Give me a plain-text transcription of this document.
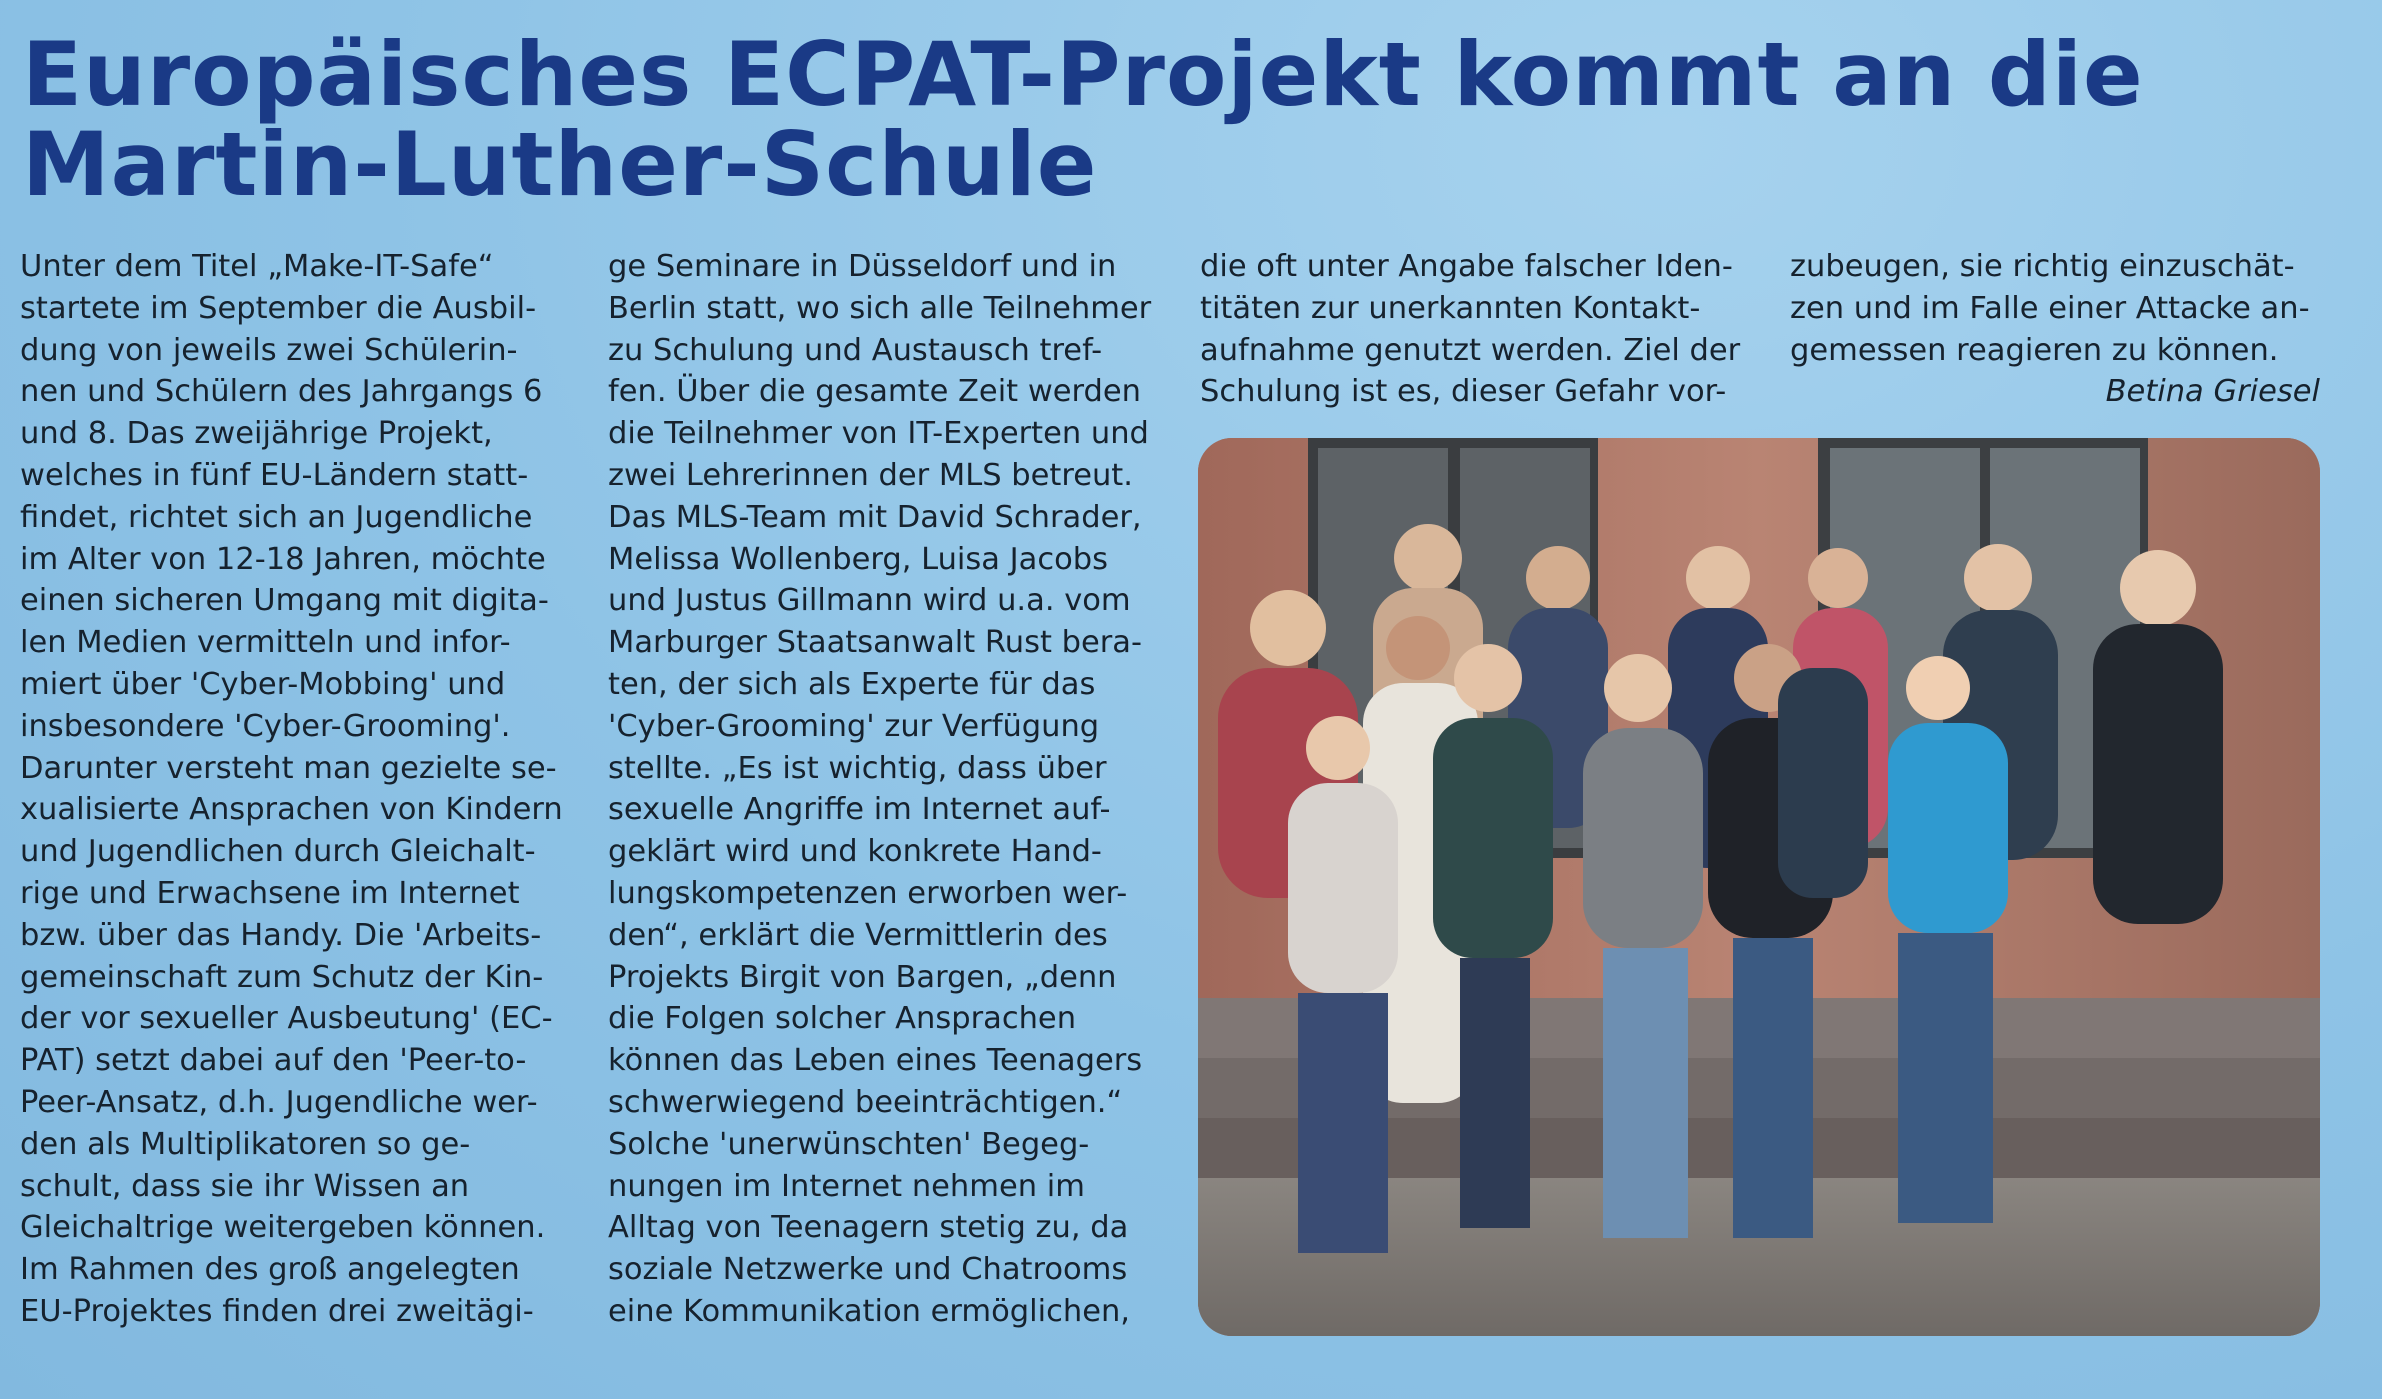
Europäisches ECPAT-Projekt kommt an die
Martin-Luther-Schule
Unter dem Titel „Make-IT-Safe“
startete im September die Ausbil-
dung von jeweils zwei Schülerin-
nen und Schülern des Jahrgangs 6
und 8. Das zweijährige Projekt,
welches in fünf EU-Ländern statt-
findet, richtet sich an Jugendliche
im Alter von 12-18 Jahren, möchte
einen sicheren Umgang mit digita-
len Medien vermitteln und infor-
miert über 'Cyber-Mobbing' und
insbesondere 'Cyber-Grooming'.
Darunter versteht man gezielte se-
xualisierte Ansprachen von Kindern
und Jugendlichen durch Gleichalt-
rige und Erwachsene im Internet
bzw. über das Handy. Die 'Arbeits-
gemeinschaft zum Schutz der Kin-
der vor sexueller Ausbeutung' (EC-
PAT) setzt dabei auf den 'Peer-to-
Peer-Ansatz, d.h. Jugendliche wer-
den als Multiplikatoren so ge-
schult, dass sie ihr Wissen an
Gleichaltrige weitergeben können.
Im Rahmen des groß angelegten
EU-Projektes finden drei zweitägi-
ge Seminare in Düsseldorf und in
Berlin statt, wo sich alle Teilnehmer
zu Schulung und Austausch tref-
fen. Über die gesamte Zeit werden
die Teilnehmer von IT-Experten und
zwei Lehrerinnen der MLS betreut.
Das MLS-Team mit David Schrader,
Melissa Wollenberg, Luisa Jacobs
und Justus Gillmann wird u.a. vom
Marburger Staatsanwalt Rust bera-
ten, der sich als Experte für das
'Cyber-Grooming' zur Verfügung
stellte. „Es ist wichtig, dass über
sexuelle Angriffe im Internet auf-
geklärt wird und konkrete Hand-
lungskompetenzen erworben wer-
den“, erklärt die Vermittlerin des
Projekts Birgit von Bargen, „denn
die Folgen solcher Ansprachen
können das Leben eines Teenagers
schwerwiegend beeinträchtigen.“
Solche 'unerwünschten' Begeg-
nungen im Internet nehmen im
Alltag von Teenagern stetig zu, da
soziale Netzwerke und Chatrooms
eine Kommunikation ermöglichen,
die oft unter Angabe falscher Iden-
titäten zur unerkannten Kontakt-
aufnahme genutzt werden. Ziel der
Schulung ist es, dieser Gefahr vor-
zubeugen, sie richtig einzuschät-
zen und im Falle einer Attacke an-
gemessen reagieren zu können.
Betina Griesel
